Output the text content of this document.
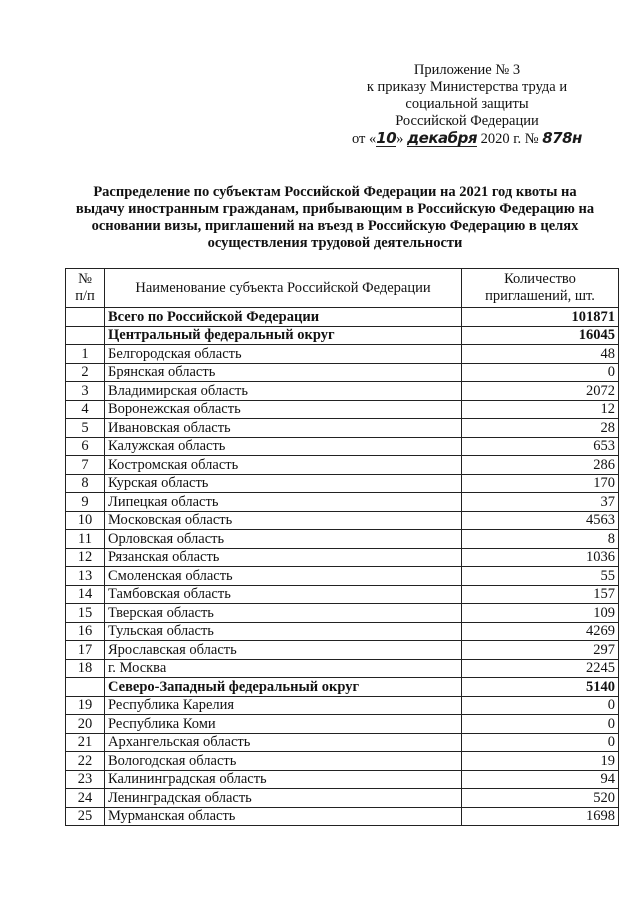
Приложение № 3
к приказу Министерства труда и
социальной защиты
Российской Федерации
от «10» декабря 2020 г. № 878н
Распределение по субъектам Российской Федерации на 2021 год квоты на
выдачу иностранным гражданам, прибывающим в Российскую Федерацию на
основании визы, приглашений на въезд в Российскую Федерацию в целях
осуществления трудовой деятельности
№
п/п	Наименование субъекта Российской Федерации	Количество
приглашений, шт.

	Всего по Российской Федерации	101871
	Центральный федеральный округ	16045
1	Белгородская область	48
2	Брянская область	0
3	Владимирская область	2072
4	Воронежская область	12
5	Ивановская область	28
6	Калужская область	653
7	Костромская область	286
8	Курская область	170
9	Липецкая область	37
10	Московская область	4563
11	Орловская область	8
12	Рязанская область	1036
13	Смоленская область	55
14	Тамбовская область	157
15	Тверская область	109
16	Тульская область	4269
17	Ярославская область	297
18	г. Москва	2245
	Северо-Западный федеральный округ	5140
19	Республика Карелия	0
20	Республика Коми	0
21	Архангельская область	0
22	Вологодская область	19
23	Калининградская область	94
24	Ленинградская область	520
25	Мурманская область	1698
